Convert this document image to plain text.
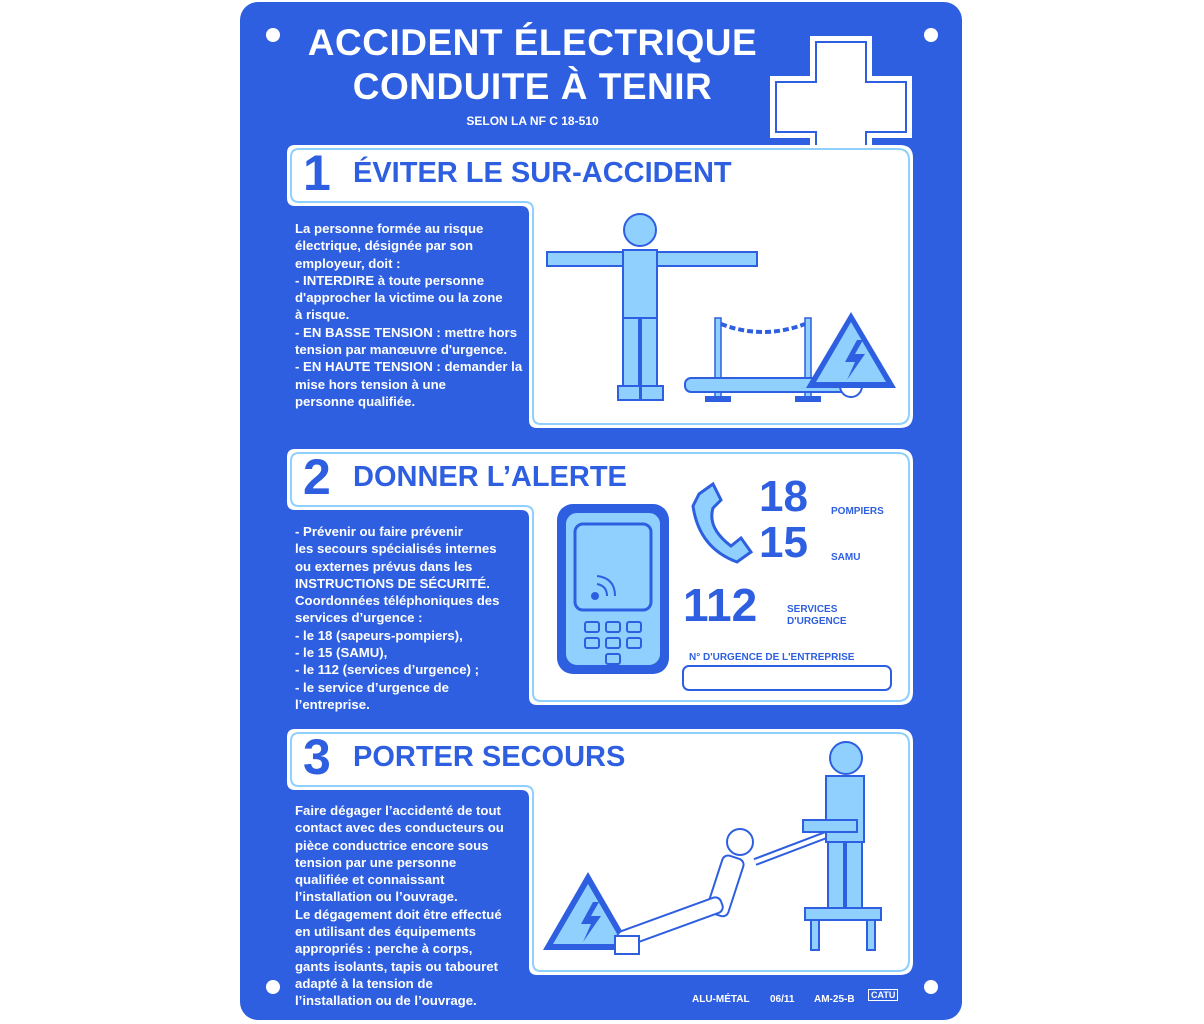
ACCIDENT ÉLECTRIQUE
CONDUITE À TENIR
SELON LA NF C 18-510
1 ÉVITER LE SUR-ACCIDENT
La personne formée au risque
électrique, désignée par son
employeur, doit :
- INTERDIRE à toute personne
d'approcher la victime ou la zone
à risque.
- EN BASSE TENSION : mettre hors
tension par manœuvre d'urgence.
- EN HAUTE TENSION : demander la
mise hors tension à une
personne qualifiée.
2 DONNER L’ALERTE
- Prévenir ou faire prévenir
les secours spécialisés internes
ou externes prévus dans les
INSTRUCTIONS DE SÉCURITÉ.
Coordonnées téléphoniques des
services d’urgence :
- le 18 (sapeurs-pompiers),
- le 15 (SAMU),
- le 112 (services d’urgence) ;
- le service d’urgence de
l’entreprise.
18 POMPIERS
15 SAMU
112	SERVICES
D'URGENCE
N° D'URGENCE DE L'ENTREPRISE
3 PORTER SECOURS
Faire dégager l’accidenté de tout
contact avec des conducteurs ou
pièce conductrice encore sous
tension par une personne
qualifiée et connaissant
l’installation ou l’ouvrage.
Le dégagement doit être effectué
en utilisant des équipements
appropriés : perche à corps,
gants isolants, tapis ou tabouret
adapté à la tension de
l’installation ou de l’ouvrage.	ALU-MÉTAL 06/11 AM-25-B	CATU
